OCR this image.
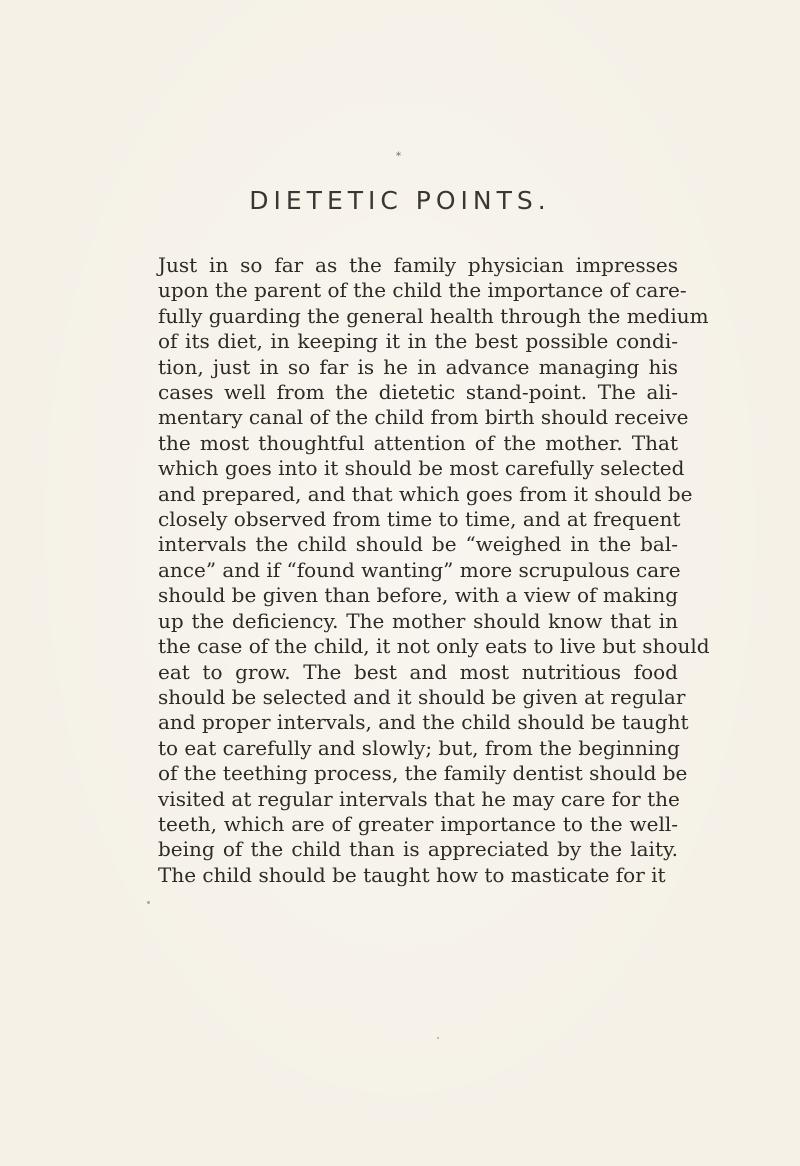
*
DIETETIC POINTS.
Just in so far as the family physician impresses
upon the parent of the child the importance of care-
fully guarding the general health through the medium
of its diet, in keeping it in the best possible condi-
tion, just in so far is he in advance managing his
cases well from the dietetic stand-point. The ali-
mentary canal of the child from birth should receive
the most thoughtful attention of the mother. That
which goes into it should be most carefully selected
and prepared, and that which goes from it should be
closely observed from time to time, and at frequent
intervals the child should be “weighed in the bal-
ance” and if “found wanting” more scrupulous care
should be given than before, with a view of making
up the deficiency. The mother should know that in
the case of the child, it not only eats to live but should
eat to grow. The best and most nutritious food
should be selected and it should be given at regular
and proper intervals, and the child should be taught
to eat carefully and slowly; but, from the beginning
of the teething process, the family dentist should be
visited at regular intervals that he may care for the
teeth, which are of greater importance to the well-
being of the child than is appreciated by the laity.
The child should be taught how to masticate for it
